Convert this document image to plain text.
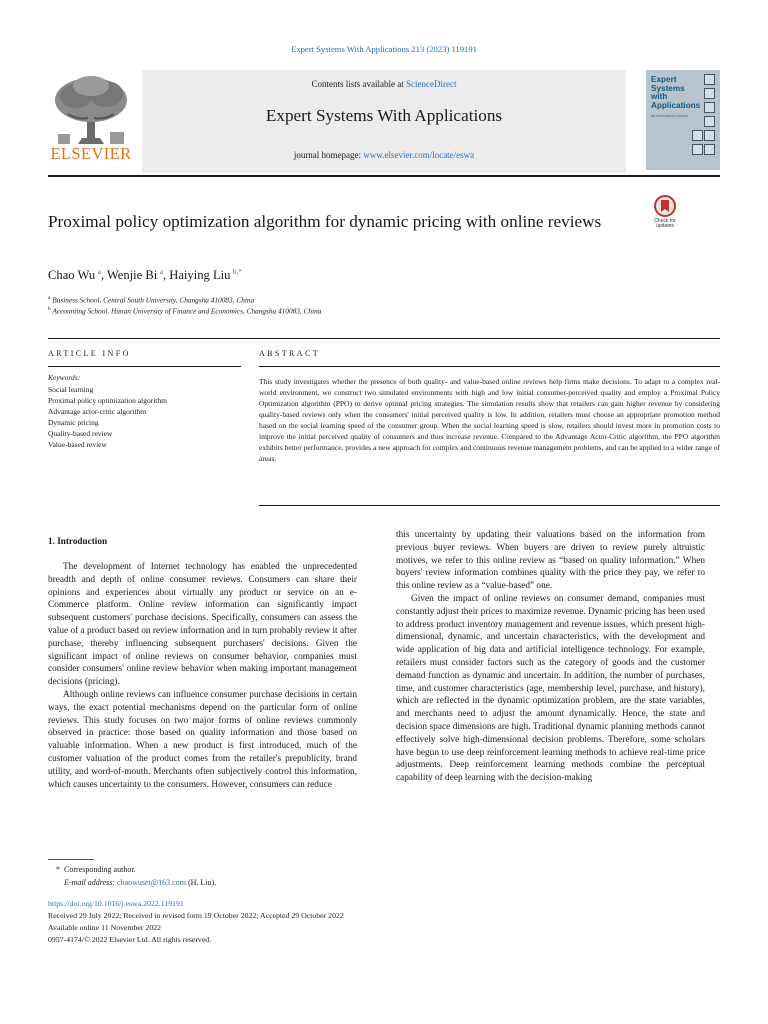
Expert Systems With Applications 213 (2023) 119191
ELSEVIER
Contents lists available at ScienceDirect
Expert Systems With Applications
journal homepage: www.elsevier.com/locate/eswa
Expert Systems with Applications
An International Journal
Proximal policy optimization algorithm for dynamic pricing with online reviews	Check for updates
Chao Wu  $^a$, Wenjie Bi  $^a$, Haiying Liu  $^{b,*}$
$^a$ Business School, Central South University, Changsha 410083, China
$^b$ Accounting School, Hunan University of Finance and Economics, Changsha 410083, China
ARTICLE INFO	ABSTRACT
Keywords:
Social learning
Proximal policy optimization algorithm
Advantage actor-critic algorithm
Dynamic pricing
Quality-based review
Value-based review
This study investigates whether the presence of both quality- and value-based online reviews help firms make decisions. To adapt to a complex real-world environment, we construct two simulated environments with high and low initial consumer-perceived quality and employ a Proximal Policy Optimization algorithm (PPO) to derive optimal pricing strategies. The simulation results show that retailers can gain higher revenue by considering quality-based reviews only when the consumers' initial perceived quality is low. In addition, retailers must choose an appropriate promotion method based on the social learning speed of the consumer group. When the social learning speed is slow, retailers should invest more in promotion costs to improve the initial perceived quality of consumers and thus increase revenue. Compared to the Advantage Actor-Critic algorithm, the PPO algorithm exhibits better performance, provides a new approach for complex and continuous revenue management problems, and can be applied to a wider range of areas.
1. Introduction

The development of Internet technology has enabled the unprecedented breadth and depth of online consumer reviews. Consumers can share their opinions and experiences about virtually any product or service on an e-Commerce platform. Online review information can significantly impact subsequent customers' purchase decisions. Specifically, consumers can assess the value of a product based on review information and in turn probably review it after purchase, thereby influencing subsequent purchasers' decisions. Given the significant impact of online reviews on consumer behavior, companies must consider consumers' online review behavior when making important management decisions (pricing).

Although online reviews can influence consumer purchase decisions in certain ways, the exact potential mechanisms depend on the particular form of online reviews. This study focuses on two major forms of online reviews commonly observed in practice: those based on quality information and those based on valuable information. When a new product is first introduced, much of the customer valuation of the product comes from the retailer's prepublicity, brand utility, and word-of-mouth. Merchants often subjectively control this information, which causes uncertainty to the consumers. However, consumers can reduce

this uncertainty by updating their valuations based on the information from previous buyer reviews. When buyers are driven to review purely altruistic motives, we refer to this online review as “based on quality information.” When buyers' review information combines quality with the price they pay, we refer to this online review as a “value-based” one.

Given the impact of online reviews on consumer demand, companies must constantly adjust their prices to maximize revenue. Dynamic pricing has been used to address product inventory management and revenue issues, which present high-dimensional, dynamic, and uncertain characteristics, with the development and wide application of big data and artificial intelligence technology. For example, retailers must consider factors such as the category of goods and the customer demand function as dynamic and uncertain. In addition, the number of purchases, time, and customer characteristics (age, membership level, purchase, and history), which are reflected in the dynamic optimization problem, are the state variables, and merchants need to adjust the amount dynamically. Hence, the state and decision space dimensions are high. Traditional dynamic planning methods cannot effectively solve high-dimensional decision problems. Therefore, some scholars have begun to use deep reinforcement learning methods to achieve real-time price adjustments. Deep reinforcement learning methods combine the perceptual capability of deep learning with the decision-making

* Corresponding author.
E-mail address: chaowuset@163.com (H. Liu).
https://doi.org/10.1016/j.eswa.2022.119191
Received 29 July 2022; Received in revised form 19 October 2022; Accepted 29 October 2022
Available online 11 November 2022
0957-4174/© 2022 Elsevier Ltd. All rights reserved.
